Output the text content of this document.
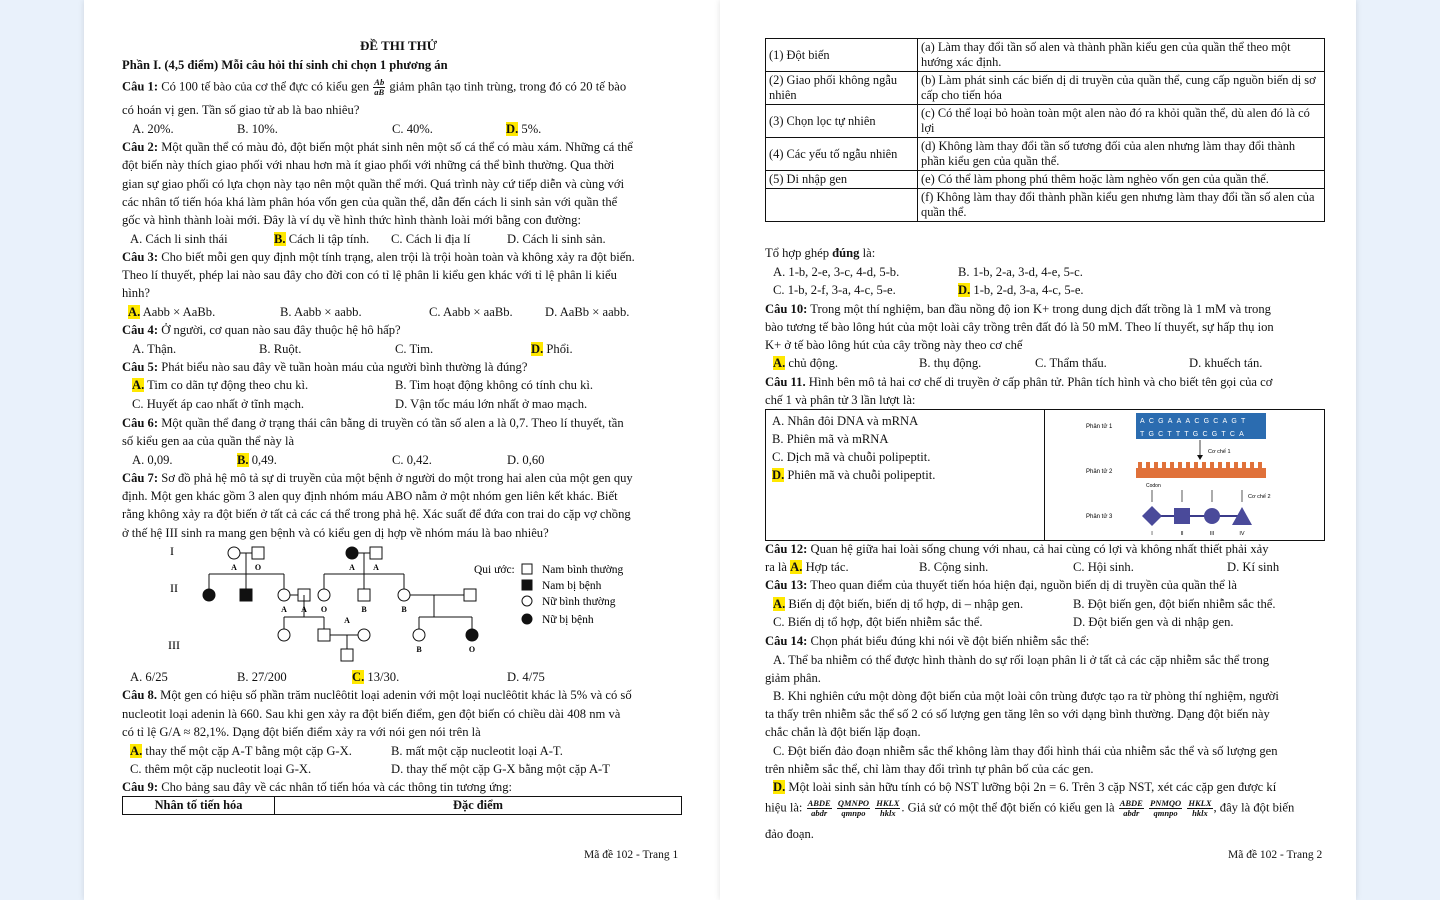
ĐỀ THI THỬ
Phần I. (4,5 điểm) Mỗi câu hỏi thí sinh chỉ chọn 1 phương án
Câu 1: Có 100 tế bào của cơ thể đực có kiểu gen $\frac{Ab}{aB}$ giảm phân tạo tinh trùng, trong đó có 20 tế bào
có hoán vị gen. Tần số giao tử ab là bao nhiêu?
A. 20%.	B. 10%.	C. 40%.	D. 5%.
Câu 2: Một quần thể có màu đỏ, đột biến một phát sinh nên một số cá thể có màu xám. Những cá thể
đột biến này thích giao phối với nhau hơn mà ít giao phối với những cá thể bình thường. Qua thời
gian sự giao phối có lựa chọn này tạo nên một quần thể mới. Quá trình này cứ tiếp diễn và cùng với
các nhân tố tiến hóa khá làm phân hóa vốn gen của quần thể, dẫn đến cách li sinh sản với quần thể
gốc và hình thành loài mới. Đây là ví dụ về hình thức hình thành loài mới bằng con đường:
A. Cách li sinh thái	B. Cách li tập tính. C. Cách li địa lí	D. Cách li sinh sản.
Câu 3: Cho biết mỗi gen quy định một tính trạng, alen trội là trội hoàn toàn và không xảy ra đột biến.
Theo lí thuyết, phép lai nào sau đây cho đời con có tỉ lệ phân li kiểu gen khác với tỉ lệ phân li kiểu
hình?
A. Aabb × AaBb.	B. Aabb × aabb.	C. Aabb × aaBb.	D. AaBb × aabb.
Câu 4: Ở người, cơ quan nào sau đây thuộc hệ hô hấp?
A. Thận.	B. Ruột.	C. Tim.	D. Phổi.
Câu 5: Phát biểu nào sau đây về tuần hoàn máu của người bình thường là đúng?
A. Tim co dãn tự động theo chu kì.	B. Tim hoạt động không có tính chu kì.
C. Huyết áp cao nhất ở tĩnh mạch.	D. Vận tốc máu lớn nhất ở mao mạch.
Câu 6: Một quần thể đang ở trạng thái cân bằng di truyền có tần số alen a là 0,7. Theo lí thuyết, tần
số kiểu gen aa của quần thể này là
A. 0,09.	B. 0,49.	C. 0,42.	D. 0,60
Câu 7: Sơ đồ phả hệ mô tả sự di truyền của một bệnh ở người do một trong hai alen của một gen quy
định. Một gen khác gồm 3 alen quy định nhóm máu ABO nằm ở một nhóm gen liên kết khác. Biết
rằng không xảy ra đột biến ở tất cả các cá thể trong phả hệ. Xác suất để đứa con trai do cặp vợ chồng
ở thế hệ III sinh ra mang gen bệnh và có kiểu gen dị hợp về nhóm máu là bao nhiêu?
I
II
III
A O	A A
A A O	B	B
A
B	O
Qui ước: Nam bình thường
Nam bị bệnh
Nữ bình thường
Nữ bị bệnh
A. 6/25	B. 27/200	C. 13/30.	D. 4/75
Câu 8. Một gen có hiệu số phần trăm nuclêôtit loại adenin với một loại nuclêôtit khác là 5% và có số
nucleotit loại adenin là 660. Sau khi gen xảy ra đột biến điểm, gen đột biến có chiều dài 408 nm và
có tỉ lệ G/A ≈ 82,1%. Dạng đột biến điểm xảy ra với nói gen nói trên là
A. thay thế một cặp A-T bằng một cặp G-X.	B. mất một cặp nucleotit loại A-T.
C. thêm một cặp nucleotit loại G-X.	D. thay thế một cặp G-X bằng một cặp A-T
Câu 9: Cho bảng sau đây về các nhân tố tiến hóa và các thông tin tương ứng:
Nhân tố tiến hóa	Đặc điểm
Mã đề 102 - Trang 1
(1) Đột biến	(a) Làm thay đổi tần số alen và thành phần kiểu gen của quần thể theo một hướng xác định.
(2) Giao phối không ngẫu nhiên	(b) Làm phát sinh các biến dị di truyền của quần thể, cung cấp nguồn biến dị sơ cấp cho tiến hóa
(3) Chọn lọc tự nhiên	(c) Có thể loại bỏ hoàn toàn một alen nào đó ra khỏi quần thể, dù alen đó là có lợi
(4) Các yếu tố ngẫu nhiên	(d) Không làm thay đổi tần số tương đối của alen nhưng làm thay đổi thành phần kiểu gen của quần thể.
(5) Di nhập gen	(e) Có thể làm phong phú thêm hoặc làm nghèo vốn gen của quần thể.
	(f) Không làm thay đổi thành phần kiểu gen nhưng làm thay đổi tần số alen của quần thể.
Tổ hợp ghép đúng là:
A. 1-b, 2-e, 3-c, 4-d, 5-b.	B. 1-b, 2-a, 3-d, 4-e, 5-c.
C. 1-b, 2-f, 3-a, 4-c, 5-e.	D. 1-b, 2-d, 3-a, 4-c, 5-e.
Câu 10: Trong một thí nghiệm, ban đầu nồng độ ion K+ trong dung dịch đất trồng là 1 mM và trong
bào tương tế bào lông hút của một loài cây trồng trên đất đó là 50 mM. Theo lí thuyết, sự hấp thụ ion
K+ ở tế bào lông hút của cây trồng này theo cơ chế
A. chủ động.	B. thụ động.	C. Thẩm thấu.	D. khuếch tán.
Câu 11. Hình bên mô tả hai cơ chế di truyền ở cấp phân tử. Phân tích hình và cho biết tên gọi của cơ
chế 1 và phân tử 3 lần lượt là:
A. Nhân đôi DNA và mRNA
B. Phiên mã và mRNA
C. Dịch mã và chuỗi polipeptit.
D. Phiên mã và chuỗi polipeptit.
Phân tử 1
Phân tử 2
Phân tử 3
ACGAAACGCAGT
TGCTTTGCGTCA
Cơ chế 1
Codon
Cơ chế 2
I	II	III	IV
Câu 12: Quan hệ giữa hai loài sống chung với nhau, cả hai cùng có lợi và không nhất thiết phải xảy
ra là A. Hợp tác.	B. Cộng sinh.	C. Hội sinh.	D. Kí sinh
Câu 13: Theo quan điểm của thuyết tiến hóa hiện đại, nguồn biến dị di truyền của quần thể là
A. Biến dị đột biến, biến dị tổ hợp, di – nhập gen.	B. Đột biến gen, đột biến nhiễm sắc thể.
C. Biến dị tổ hợp, đột biến nhiễm sắc thể.	D. Đột biến gen và di nhập gen.
Câu 14: Chọn phát biểu đúng khi nói về đột biến nhiễm sắc thể:
A. Thể ba nhiễm có thể được hình thành do sự rối loạn phân li ở tất cả các cặp nhiễm sắc thể trong
giảm phân.
B. Khi nghiên cứu một dòng đột biến của một loài côn trùng được tạo ra từ phòng thí nghiệm, người
ta thấy trên nhiễm sắc thể số 2 có số lượng gen tăng lên so với dạng bình thường. Dạng đột biến này
chắc chắn là đột biến lặp đoạn.
C. Đột biến đảo đoạn nhiễm sắc thể không làm thay đổi hình thái của nhiễm sắc thể và số lượng gen
trên nhiễm sắc thể, chỉ làm thay đổi trình tự phân bố của các gen.
D. Một loài sinh sản hữu tính có bộ NST lưỡng bội 2n = 6. Trên 3 cặp NST, xét các cặp gen được kí
hiệu là: $\frac{\text{ABDE}}{\text{abdr}}$
$\frac{\text{QMNPO}}{\text{qmnpo}}$
$\frac{\text{HKLX}}{\text{hklx}}$ . Giả sử có một thể đột biến có kiểu gen là $\frac{\text{ABDE}}{\text{abdr}}$
$\frac{\text{PNMQO}}{\text{qmnpo}}$
$\frac{\text{HKLX}}{\text{hklx}}$ , đây là đột biến
đảo đoạn.
Mã đề 102 - Trang 2
